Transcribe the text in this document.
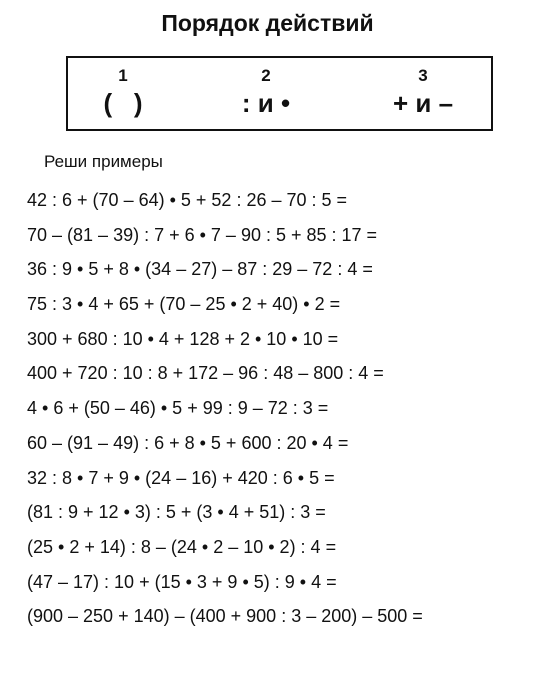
Порядок действий
1
(   )
2
: и •
3
+ и –
Реши примеры
42 : 6 + (70 – 64) • 5 + 52 : 26 – 70 : 5 =
70 – (81 – 39) : 7 + 6 • 7 – 90 : 5 + 85 : 17 =
36 : 9 • 5 + 8 • (34 – 27) – 87 : 29 – 72 : 4 =
75 : 3 • 4 + 65 + (70 – 25 • 2 + 40) • 2 =
300 + 680 : 10 • 4 + 128 + 2 • 10 • 10 =
400 + 720 : 10 : 8 + 172 – 96 : 48 – 800 : 4 =
4 • 6 + (50 – 46) • 5 + 99 : 9 – 72 : 3 =
60 – (91 – 49) : 6 + 8 • 5 + 600 : 20 • 4 =
32 : 8 • 7 + 9 • (24 – 16) + 420 : 6 • 5 =
(81 : 9 + 12 • 3) : 5 + (3 • 4 + 51) : 3 =
(25 • 2 + 14) : 8 – (24 • 2 – 10 • 2) : 4 =
(47 – 17) : 10 + (15 • 3 + 9 • 5) : 9 • 4 =
(900 – 250 + 140) – (400 + 900 : 3 – 200) – 500 =
